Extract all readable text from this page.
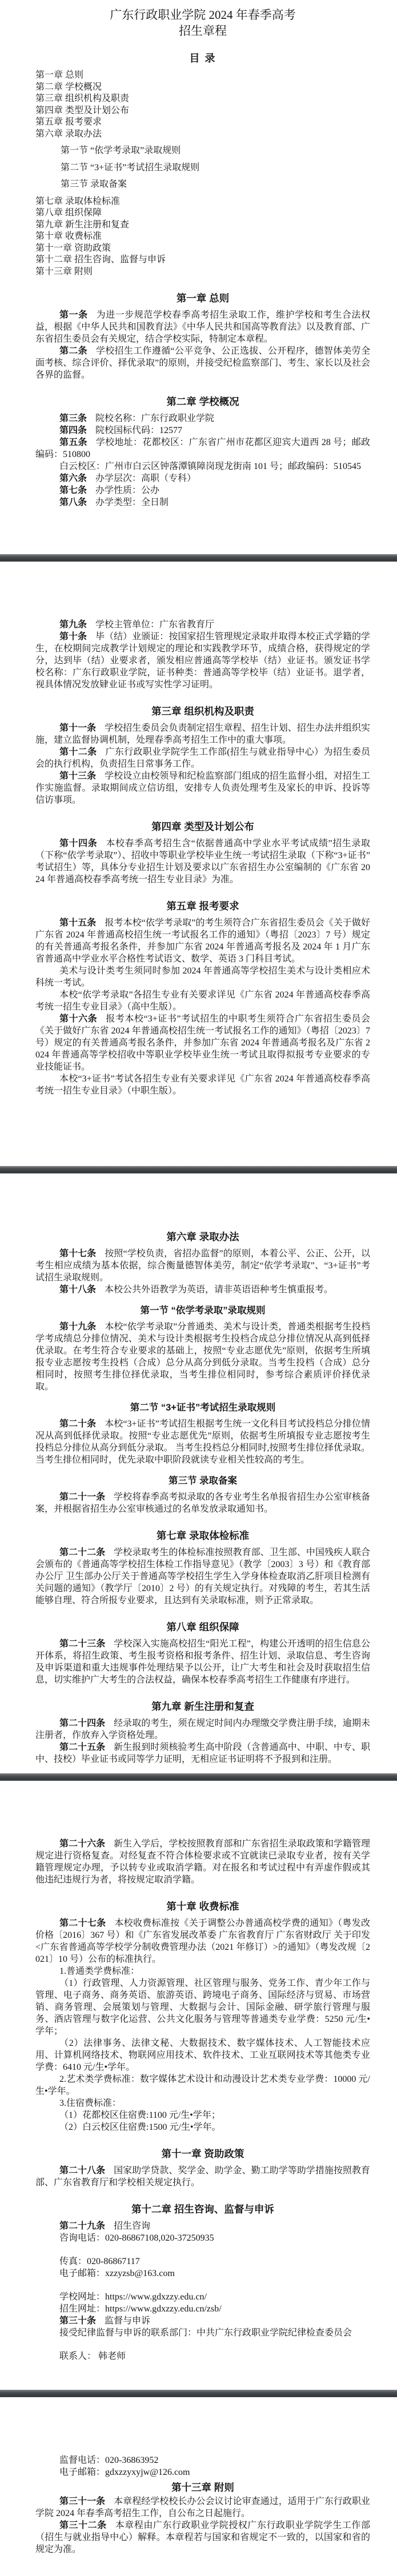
广东行政职业学院 2024 年春季高考
招生章程
目 录
第一章 总则
第二章 学校概况
第三章 组织机构及职责
第四章 类型及计划公布
第五章 报考要求
第六章 录取办法
第一节 “依学考录取”录取规则
第二节 “3+证书”考试招生录取规则
第三节 录取备案
第七章 录取体检标准
第八章 组织保障
第九章 新生注册和复查
第十章 收费标准
第十一章 资助政策
第十二章 招生咨询、监督与申诉
第十三章 附则
第一章 总则

第一条 为进一步规范学校春季高考招生录取工作，维护学校和考生合法权益，根据《中华人民共和国教育法》《中华人民共和国高等教育法》以及教育部、广东省招生委员会有关规定，结合学校实际，特制定本章程。

第二条 学校招生工作遵循“公平竞争、公正选拔、公开程序，德智体美劳全面考核、综合评价、择优录取”的原则，并接受纪检监察部门、考生、家长以及社会各界的监督。

第二章 学校概况

第三条 院校名称：广东行政职业学院

第四条 院校国标代码：12577

第五条 学校地址：花都校区：广东省广州市花都区迎宾大道西 28 号；邮政编码：510800

白云校区：广州市白云区钟落潭镇障岗现龙街南 101 号；邮政编码：510545

第六条 办学层次：高职（专科）

第七条 办学性质：公办

第八条 办学类型：全日制

第九条 学校主管单位：广东省教育厅

第十条 毕（结）业颁证：按国家招生管理规定录取并取得本校正式学籍的学生，在校期间完成教学计划规定的理论和实践教学环节，成绩合格，获得规定的学分，达到毕（结）业要求者，颁发相应普通高等学校毕（结）业证书。颁发证书学校名称：广东行政职业学院，证书种类：普通高等学校毕（结）业证书。退学者，视具体情况发放肄业证书或写实性学习证明。

第三章 组织机构及职责

第十一条 学校招生委员会负责制定招生章程、招生计划、招生办法并组织实施，建立监督协调机制，处理春季高考招生工作中的重大事项。

第十二条 广东行政职业学院学生工作部(招生与就业指导中心）为招生委员会的执行机构，负责招生日常事务工作。

第十三条 学校设立由校领导和纪检监察部门组成的招生监督小组，对招生工作实施监督。录取期间成立信访组，安排专人负责处理考生及家长的申诉、投诉等信访事项。

第四章 类型及计划公布

第十四条 本校春季高考招生含“依据普通高中学业水平考试成绩”招生录取（下称“依学考录取”）、招收中等职业学校毕业生统一考试招生录取（下称“3+证书”考试招生）等，具体分专业招生计划及要求以广东省招生办公室编制的《广东省 2024 年普通高校春季高考统一招生专业目录》为准。

第五章 报考要求

第十五条 报考本校“依学考录取”的考生须符合广东省招生委员会《关于做好广东省 2024 年普通高校招生统一考试报名工作的通知》（粤招〔2023〕7 号）规定的有关普通高考报名条件，并参加广东省 2024 年普通高考报名及 2024 年 1 月广东省普通高中学业水平合格性考试语文、数学、英语 3 门科目考试。

美术与设计类考生须同时参加 2024 年普通高等学校招生美术与设计类相应术科统一考试。

本校“依学考录取”各招生专业有关要求详见《广东省 2024 年普通高校春季高考统一招生专业目录》（高中生版）。

第十六条 报考本校“3+证书”考试招生的中职考生须符合广东省招生委员会《关于做好广东省 2024 年普通高校招生统一考试报名工作的通知》（粤招〔2023〕7 号）规定的有关普通高考报名条件，并参加广东省 2024 年普通高考报名及广东省 2024 年普通高等学校招收中等职业学校毕业生统一考试且取得拟报考专业要求的专业技能证书。

本校“3+证书”考试各招生专业有关要求详见《广东省 2024 年普通高校春季高考统一招生专业目录》（中职生版）。

第六章 录取办法

第十七条 按照“学校负责，省招办监督”的原则，本着公平、公正、公开，以考生相应成绩为基本依据，综合衡量德智体美劳，制定“依学考录取”、“3+证书”考试招生录取规则。

第十八条 本校公共外语教学为英语，请非英语语种考生慎重报考。

第一节 “依学考录取”录取规则

第十九条 本校“依学考录取”分普通类、美术与设计类，普通类根据考生投档学考成绩总分排位情况、美术与设计类根据考生投档合成总分排位情况从高到低择优录取。在考生符合专业要求的基础上，按照“专业志愿优先”原则，依据考生所填报专业志愿按考生投档（合成）总分从高分到低分录取。当考生投档（合成）总分相同时，按照考生排位择优录取，当考生排位相同时，参考综合素质评价择优录取。

第二节 “3+证书”考试招生录取规则

第二十条 本校“3+证书”考试招生根据考生统一文化科目考试投档总分排位情况从高到低择优录取。按照“专业志愿优先”原则，依据考生所填报专业志愿按考生投档总分排位从高分到低分录取。 当考生投档总分相同时,按照考生排位择优录取。当考生排位相同时，优先录取中职阶段就读专业相关性较高的考生。

第三节 录取备案

第二十一条 学校将春季高考拟录取的各专业考生名单报省招生办公室审核备案，并根据省招生办公室审核通过的名单发放录取通知书。

第七章 录取体检标准

第二十二条 学校录取考生的体检标准按照教育部、卫生部、中国残疾人联合会颁布的《普通高等学校招生体检工作指导意见》（教学〔2003〕3 号）和《教育部办公厅 卫生部办公厅关于普通高等学校招生学生入学身体检查取消乙肝项目检测有关问题的通知》（教学厅〔2010〕2 号）的有关规定执行。对残障的考生，若其生活能够自理、符合所报专业要求，且达到有关录取标准，则予正常录取。

第八章 组织保障

第二十三条 学校深入实施高校招生“阳光工程”，构建公开透明的招生信息公开体系，将招生政策、考生报考资格和报考条件、招生计划、录取信息、考生咨询及申诉渠道和重大违规事件处理结果予以公开，让广大考生和社会及时获取招生信息，切实维护广大考生的合法权益，确保本校春季高考招生工作健康有序进行。

第九章 新生注册和复查

第二十四条 经录取的考生，须在规定时间内办理缴交学费注册手续，逾期未注册者，作放弃入学资格处理。

第二十五条 新生报到时须核验考生高中阶段（含普通高中、中职、中专、职中、技校）毕业证书或同等学力证明，无相应证书证明将不予报到和注册。

第二十六条 新生入学后，学校按照教育部和广东省招生录取政策和学籍管理规定进行资格复查。对经复查不符合体检要求或不宜就读已录取专业者，按有关学籍管理规定办理，予以转专业或取消学籍。对在报名和考试过程中有弄虚作假或其他违纪违规行为者，将按规定取消学籍。

第十章 收费标准

第二十七条 本校收费标准按《关于调整公办普通高校学费的通知》（粤发改价格〔2016〕367 号）和《广东省发展改革委 广东省教育厅 广东省财政厅 关于印发<广东省普通高等学校学分制收费管理办法（2021 年修订）>的通知》（粤发改规〔2021〕10 号）公布的标准执行。

1.普通类学费标准：

（1）行政管理、人力资源管理、社区管理与服务、党务工作、青少年工作与管理、电子商务、商务英语、旅游英语、跨境电子商务、国际经济与贸易、市场营销、商务管理、会展策划与管理、大数据与会计、国际金融、研学旅行管理与服务、酒店管理与数字化运营、公共文化服务与管理等普通类专业学费：5250 元/生•学年；

（2）法律事务、法律文秘、大数据技术、数字媒体技术、人工智能技术应用、计算机网络技术、物联网应用技术、软件技术、工业互联网技术等其他类专业学费：6410 元/生•学年。

2.艺术类学费标准：数字媒体艺术设计和动漫设计艺术类专业学费：10000 元/生•学年。

3.住宿费标准：

（1）花都校区住宿费:1100 元/生•学年；

（2）白云校区住宿费:1500 元/生•学年。

第十一章 资助政策

第二十八条 国家助学贷款、奖学金、助学金、勤工助学等助学措施按照教育部、广东省教育厅和学校相关规定执行。

第十二章 招生咨询、监督与申诉

第二十九条 招生咨询

咨询电话：020-86867108,020-37250935

传真：020-86867117

电子邮箱：xzzyzsb@163.com

学校网址：https://www.gdxzzy.edu.cn/

招生网址：https://www.gdxzzy.edu.cn/zsb/

第三十条 监督与申诉

接受纪律监督与申诉的联系部门：中共广东行政职业学院纪律检查委员会

联系人： 韩老师

监督电话：020-36863952

电子邮箱：gdxzzyxyjw@126.com

第十三章 附则

第三十一条 本章程经学校校长办公会议讨论审查通过，适用于广东行政职业学院 2024 年春季高考招生工作，自公布之日起施行。

第三十二条 本章程由广东行政职业学院授权广东行政职业学院学生工作部（招生与就业指导中心）解释。本章程若与国家和省规定不一致的，以国家和省的规定为准。
